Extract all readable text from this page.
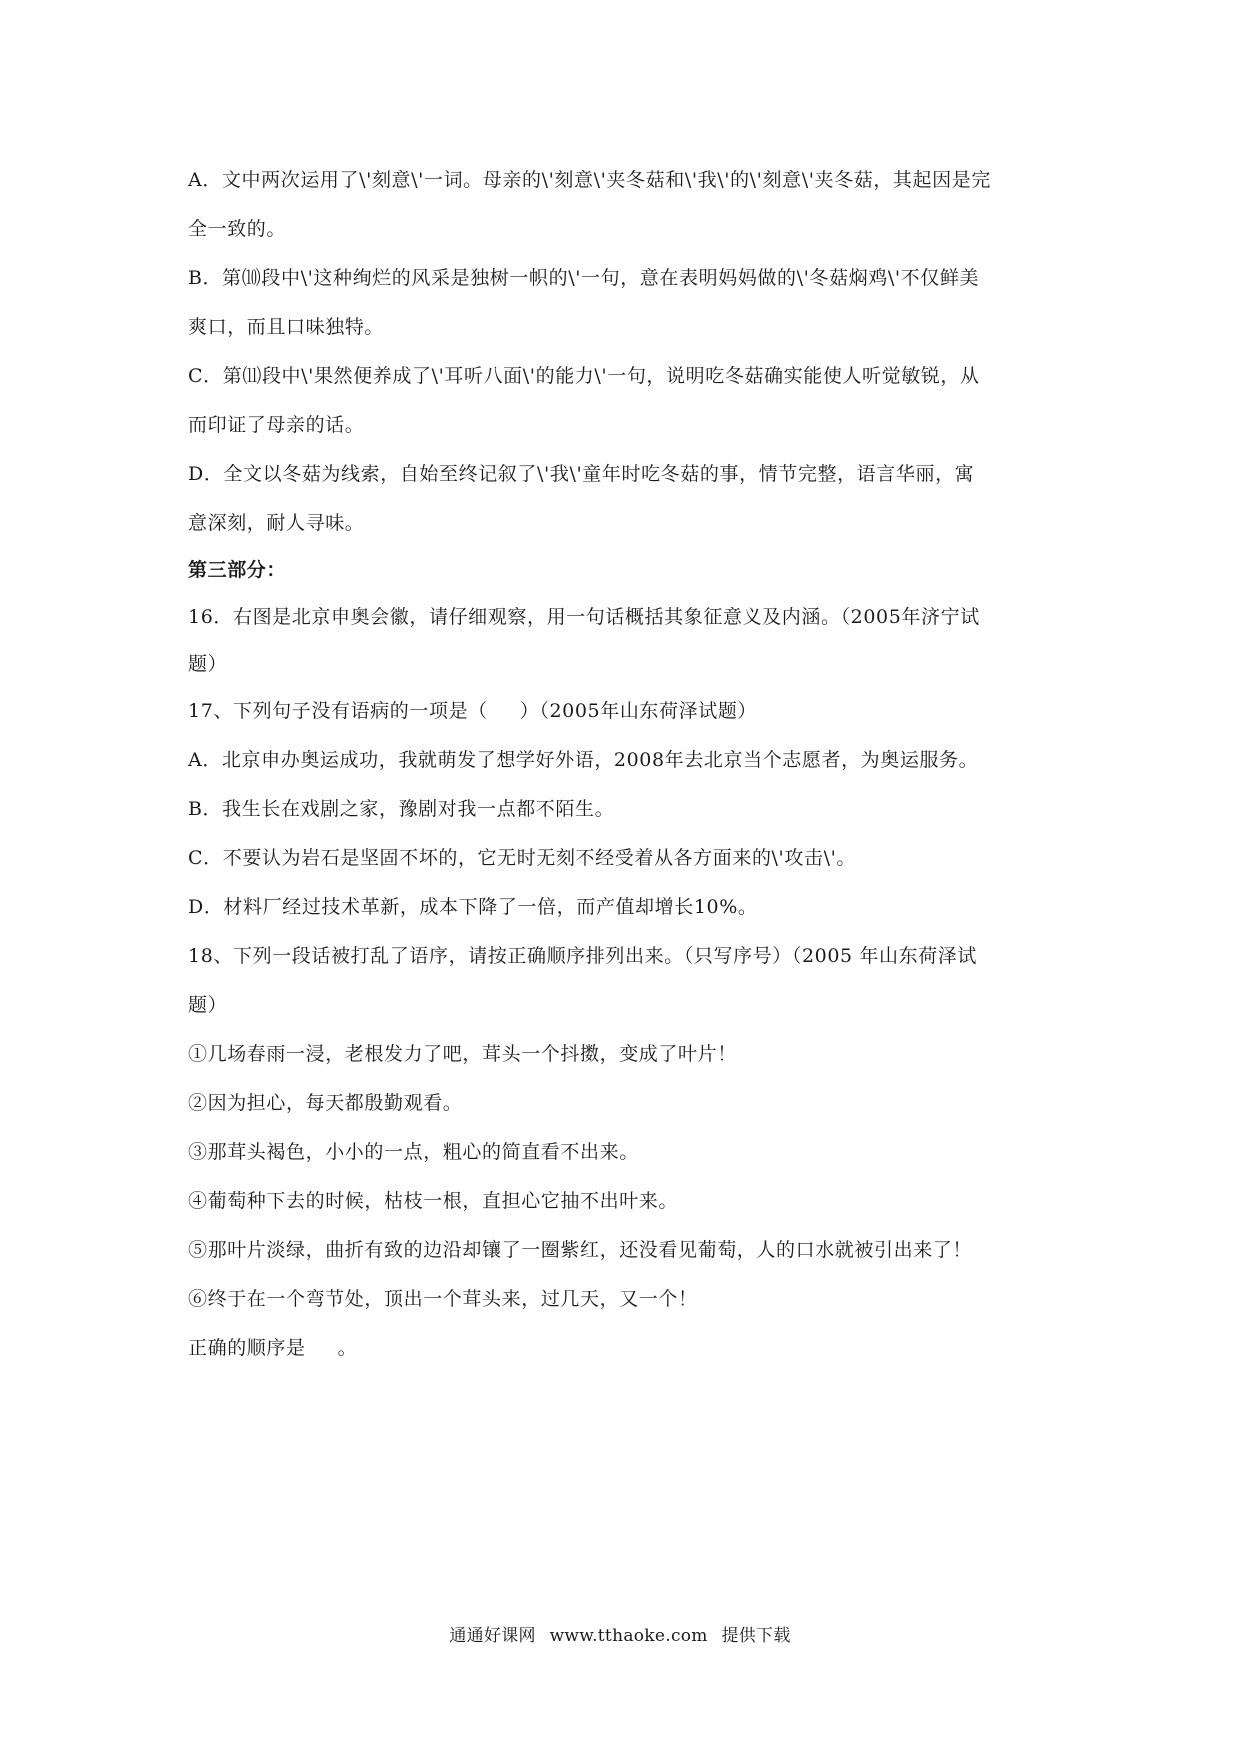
A．文中两次运用了\'刻意\'一词。母亲的\'刻意\'夹冬菇和\'我\'的\'刻意\'夹冬菇，其起因是完
全一致的。
B．第⑽段中\'这种绚烂的风采是独树一帜的\'一句，意在表明妈妈做的\'冬菇焖鸡\'不仅鲜美
爽口，而且口味独特。
C．第⑾段中\'果然便养成了\'耳听八面\'的能力\'一句，说明吃冬菇确实能使人听觉敏锐，从
而印证了母亲的话。
D．全文以冬菇为线索，自始至终记叙了\'我\'童年时吃冬菇的事，情节完整，语言华丽，寓
意深刻，耐人寻味。
第三部分：
16．右图是北京申奥会徽，请仔细观察，用一句话概括其象征意义及内涵。（2005年济宁试
题）
17、下列句子没有语病的一项是（ ）（2005年山东荷泽试题）
A．北京申办奥运成功，我就萌发了想学好外语，2008年去北京当个志愿者，为奥运服务。
B．我生长在戏剧之家，豫剧对我一点都不陌生。
C．不要认为岩石是坚固不坏的，它无时无刻不经受着从各方面来的\'攻击\'。
D．材料厂经过技术革新，成本下降了一倍，而产值却增长10%。
18、下列一段话被打乱了语序，请按正确顺序排列出来。（只写序号）（2005 年山东荷泽试
题）
①几场春雨一浸，老根发力了吧，茸头一个抖擞，变成了叶片！
②因为担心，每天都殷勤观看。
③那茸头褐色，小小的一点，粗心的简直看不出来。
④葡萄种下去的时候，枯枝一根，直担心它抽不出叶来。
⑤那叶片淡绿，曲折有致的边沿却镶了一圈紫红，还没看见葡萄，人的口水就被引出来了！
⑥终于在一个弯节处，顶出一个茸头来，过几天，又一个！
正确的顺序是 。
通通好课网 www.tthaoke.com 提供下载
